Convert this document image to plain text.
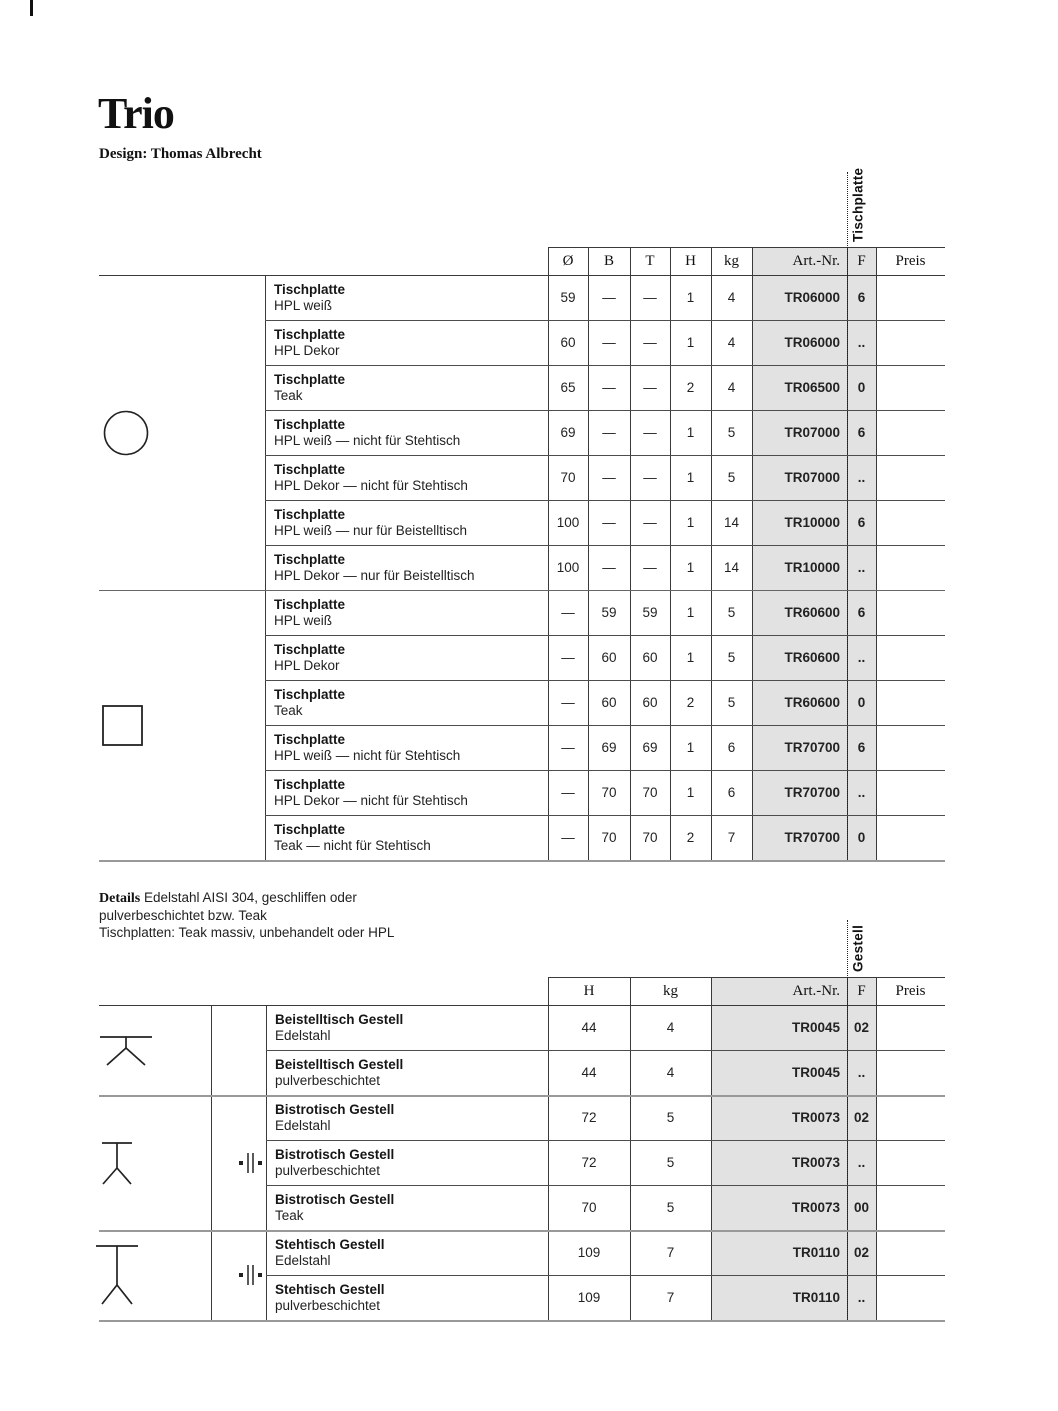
Trio
Design: Thomas Albrecht
Tischplatte
Gestell
Ø	B	T	H	kg	Art.-Nr.	F	Preis
Tischplatte
HPL weiß	59	—	—	1	4	TR06000	6
Tischplatte
HPL Dekor	60	—	—	1	4	TR06000	..
Tischplatte
Teak	65	—	—	2	4	TR06500	0
Tischplatte
HPL weiß — nicht für Stehtisch	69	—	—	1	5	TR07000	6
Tischplatte
HPL Dekor — nicht für Stehtisch	70	—	—	1	5	TR07000	..
Tischplatte
HPL weiß — nur für Beistelltisch	100	—	—	1	14	TR10000	6
Tischplatte
HPL Dekor — nur für Beistelltisch	100	—	—	1	14	TR10000	..
Tischplatte
HPL weiß	—	59	59	1	5	TR60600	6
Tischplatte
HPL Dekor	—	60	60	1	5	TR60600	..
Tischplatte
Teak	—	60	60	2	5	TR60600	0
Tischplatte
HPL weiß — nicht für Stehtisch	—	69	69	1	6	TR70700	6
Tischplatte
HPL Dekor — nicht für Stehtisch	—	70	70	1	6	TR70700	..
Tischplatte
Teak — nicht für Stehtisch	—	70	70	2	7	TR70700	0
H	kg	Art.-Nr.	F	Preis
Beistelltisch Gestell
Edelstahl	44	4	TR0045	02
Beistelltisch Gestell
pulverbeschichtet	44	4	TR0045	..
Bistrotisch Gestell
Edelstahl	72	5	TR0073	02
Bistrotisch Gestell
pulverbeschichtet	72	5	TR0073	..
Bistrotisch Gestell
Teak	70	5	TR0073	00
Stehtisch Gestell
Edelstahl	109	7	TR0110	02
Stehtisch Gestell
pulverbeschichtet	109	7	TR0110	..
Details Edelstahl AISI 304, geschliffen oder
pulverbeschichtet bzw. Teak
Tischplatten: Teak massiv, unbehandelt oder HPL
